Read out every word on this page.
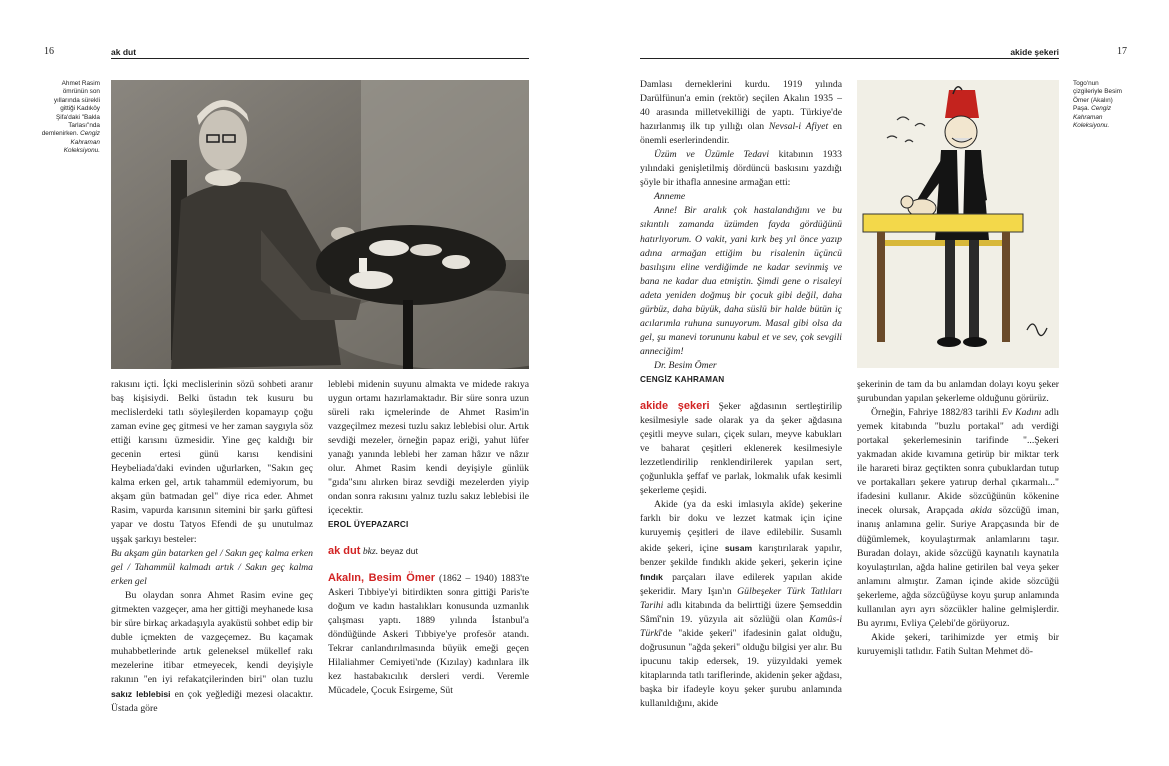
16	ak dut
Ahmet Rasim ömrünün son yıllarında sürekli gittiği Kadıköy Şifa'daki "Bakla Tarlası"nda demlenirken. Cengiz Kahraman Koleksiyonu.

rakısını içti. İçki meclislerinin sözü sohbeti aranır baş kişisiydi. Belki üstadın tek kusuru bu meclislerdeki tatlı söyleşilerden kopamayıp çoğu zaman evine geç gitmesi ve her zaman saygıyla söz ettiği karısını üzmesidir. Yine geç kaldığı bir gecenin ertesi günü karısı kendisini Heybeliada'daki evinden uğurlarken, "Sakın geç kalma erken gel, artık tahammül edemiyorum, bu akşam gün batmadan gel" diye rica eder. Ahmet Rasim, vapurda karısının sitemini bir şarkı güftesi yapar ve dostu Tatyos Efendi de şu unutulmaz uşşak şarkıyı besteler:

Bu akşam gün batarken gel / Sakın geç kalma erken gel / Tahammül kalmadı artık / Sakın geç kalma erken gel

Bu olaydan sonra Ahmet Rasim evine geç gitmekten vazgeçer, ama her gittiği meyhanede kısa bir süre birkaç arkadaşıyla ayaküstü sohbet edip bir duble içmekten de vazgeçemez. Bu kaçamak muhabbetlerinde artık geleneksel mükellef rakı mezelerine itibar etmeyecek, kendi deyişiyle rakının "en iyi refakatçilerinden biri" olan tuzlu sakız leblebisi en çok yeğlediği mezesi olacaktır. Üstada göre

leblebi midenin suyunu almakta ve midede rakıya uygun ortamı hazırlamaktadır. Bir süre sonra uzun süreli rakı içmelerinde de Ahmet Rasim'in vazgeçilmez mezesi tuzlu sakız leblebisi olur. Artık sevdiği mezeler, örneğin papaz eriği, yahut lüfer yanağı yanında leblebi her zaman hâzır ve nâzır olur. Ahmet Rasim kendi deyişiyle günlük "gıda"sını alırken biraz sevdiği mezelerden yiyip ondan sonra rakısını yalnız tuzlu sakız leblebisi ile içecektir.

EROL ÜYEPAZARCI

ak dut bkz. beyaz dut

Akalın, Besim Ömer (1862 – 1940) 1883'te Askeri Tıbbiye'yi bitirdikten sonra gittiği Paris'te doğum ve kadın hastalıkları konusunda uzmanlık çalışması yaptı. 1889 yılında İstanbul'a döndüğünde Askeri Tıbbiye'ye profesör atandı. Tekrar canlandırılmasında büyük emeği geçen Hilaliahmer Cemiyeti'nde (Kızılay) kadınlara ilk kez hastabakıcılık dersleri verdi. Veremle Mücadele, Çocuk Esirgeme, Süt

akide şekeri	17

Damlası derneklerini kurdu. 1919 yılında Darülfünun'a emin (rektör) seçilen Akalın 1935 – 40 arasında milletvekilliği de yaptı. Türkiye'de hazırlanmış ilk tıp yıllığı olan Nevsal-i Afiyet en önemli eserlerindendir.

Üzüm ve Üzümle Tedavi kitabının 1933 yılındaki genişletilmiş dördüncü baskısını yazdığı şöyle bir ithafla annesine armağan etti:

Anneme

Anne! Bir aralık çok hastalandığını ve bu sıkıntılı zamanda üzümden fayda gördüğünü hatırlıyorum. O vakit, yani kırk beş yıl önce yazıp adına armağan ettiğim bu risalenin üçüncü basılışını eline verdiğimde ne kadar sevinmiş ve bana ne kadar dua etmiştin. Şimdi gene o risaleyi adeta yeniden doğmuş bir çocuk gibi değil, daha gürbüz, daha büyük, daha süslü bir halde bütün iç acılarımla ruhuna sunuyorum. Masal gibi olsa da gel, şu manevi torununu kabul et ve sev, çok sevgili anneciğim!

Dr. Besim Ömer

CENGİZ KAHRAMAN

akide şekeri Şeker ağdasının sertleştirilip kesilmesiyle sade olarak ya da şeker ağdasına çeşitli meyve suları, çiçek suları, meyve kabukları ve baharat çeşitleri eklenerek kesilmesiyle lezzetlendirilip renklendirilerek yapılan sert, çoğunlukla şeffaf ve parlak, lokmalık ufak kesimli şekerleme çeşidi.

Akide (ya da eski imlasıyla akîde) şekerine farklı bir doku ve lezzet katmak için içine kuruyemiş çeşitleri de ilave edilebilir. Susamlı akide şekeri, içine susam karıştırılarak yapılır, benzer şekilde fındıklı akide şekeri, şekerin içine fındık parçaları ilave edilerek yapılan akide şekeridir. Mary Işın'ın Gülbeşeker Türk Tatlıları Tarihi adlı kitabında da belirttiği üzere Şemseddin Sâmî'nin 19. yüzyıla ait sözlüğü olan Kamûs-i Türkî'de "akide şekeri" ifadesinin galat olduğu, doğrusunun "ağda şekeri" olduğu bilgisi yer alır. Bu ipucunu takip edersek, 19. yüzyıldaki yemek kitaplarında tatlı tariflerinde, akidenin şeker ağdası, başka bir ifadeyle koyu şeker şurubu anlamında kullanıldığını, akide

Togo'nun çizgileriyle Besim Ömer (Akalın) Paşa. Cengiz Kahraman Koleksiyonu.

şekerinin de tam da bu anlamdan dolayı koyu şeker şurubundan yapılan şekerleme olduğunu görürüz.

Örneğin, Fahriye 1882/83 tarihli Ev Kadını adlı yemek kitabında "buzlu portakal" adı verdiği portakal şekerlemesinin tarifinde "...Şekeri yakmadan akide kıvamına getirüp bir miktar terk ile harareti biraz geçtikten sonra çubuklardan tutup ve portakalları şekere yatırup derhal çıkarmalı..." ifadesini kullanır. Akide sözcüğünün kökenine inecek olursak, Arapçada akida sözcüğü iman, inanış anlamına gelir. Suriye Arapçasında bir de düğümlemek, koyulaştırmak anlamlarını taşır. Buradan dolayı, akide sözcüğü kaynatılı kaynatıla koyulaştırılan, ağda haline getirilen bal veya şeker anlamını almıştır. Zaman içinde akide sözcüğü şekerleme, ağda sözcüğüyse koyu şurup anlamında kullanılan ayrı ayrı sözcükler haline gelmişlerdir. Bu ayrımı, Evliya Çelebi'de görüyoruz.

Akide şekeri, tarihimizde yer etmiş bir kuruyemişli tatlıdır. Fatih Sultan Mehmet dö-
